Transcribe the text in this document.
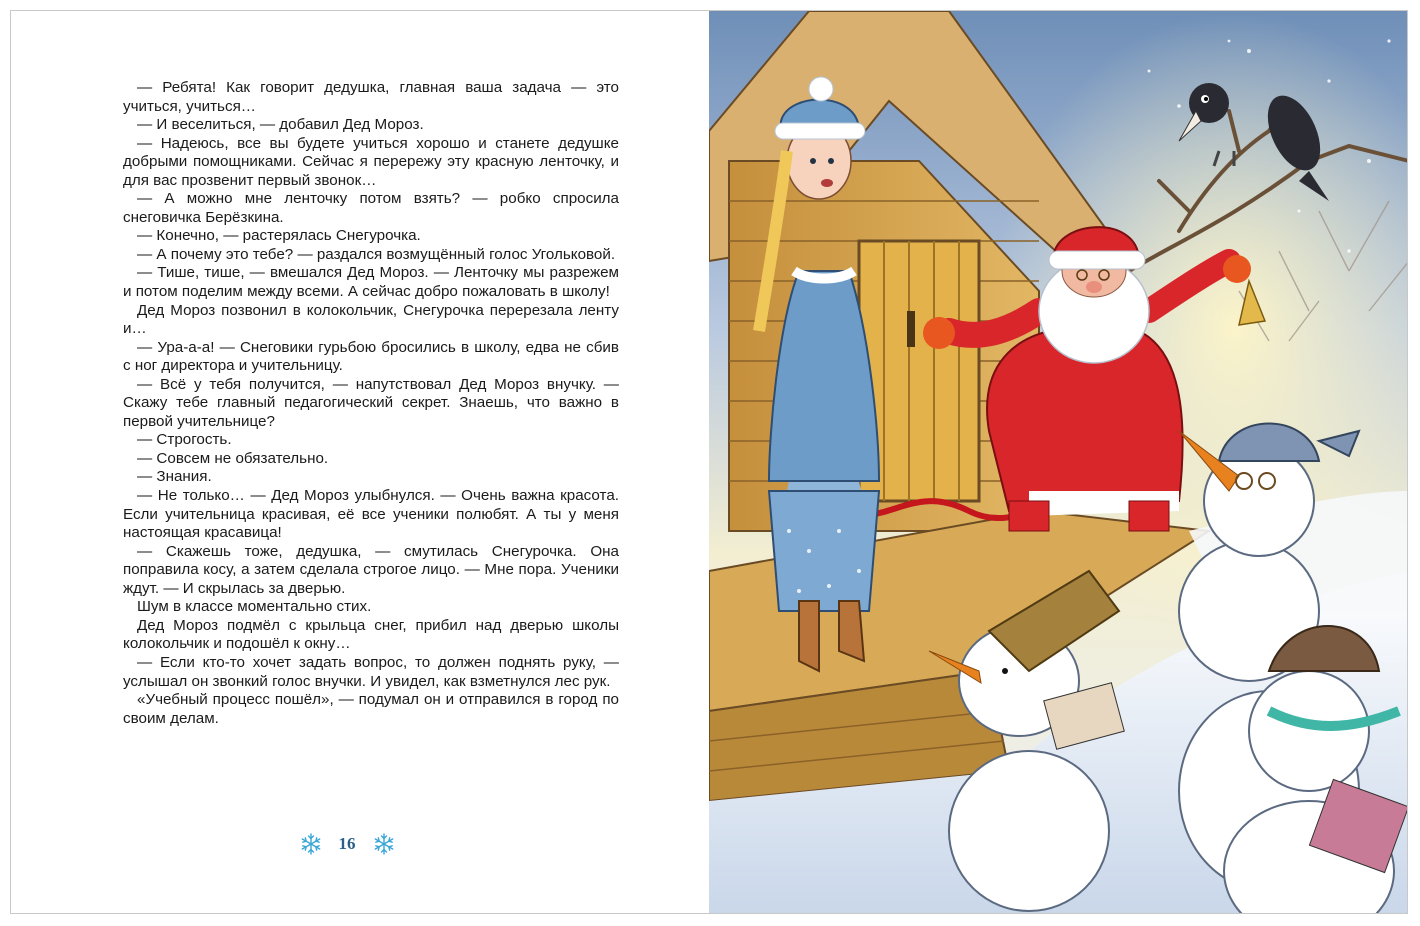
— Ребята! Как говорит дедушка, главная ваша задача — это учиться, учиться…

— И веселиться, — добавил Дед Мороз.

— Надеюсь, все вы будете учиться хорошо и станете дедушке добрыми помощниками. Сейчас я перережу эту красную ленточку, и для вас прозвенит первый звонок…

— А можно мне ленточку потом взять? — робко спросила снеговичка Берёзкина.

— Конечно, — растерялась Снегурочка.

— А почему это тебе? — раздался возмущённый голос Угольковой.

— Тише, тише, — вмешался Дед Мороз. — Ленточку мы разрежем и потом поделим между всеми. А сейчас добро пожаловать в школу!

Дед Мороз позвонил в колокольчик, Снегурочка перерезала ленту и…

— Ура-а-а! — Снеговики гурьбою бросились в школу, едва не сбив с ног директора и учительницу.

— Всё у тебя получится, — напутствовал Дед Мороз внучку. — Скажу тебе главный педагогический секрет. Знаешь, что важно в первой учительнице?

— Строгость.

— Совсем не обязательно.

— Знания.

— Не только… — Дед Мороз улыбнулся. — Очень важна красота. Если учительница красивая, её все ученики полюбят. А ты у меня настоящая красавица!

— Скажешь тоже, дедушка, — смутилась Снегурочка. Она поправила косу, а затем сделала строгое лицо. — Мне пора. Ученики ждут. — И скрылась за дверью.

Шум в классе моментально стих.

Дед Мороз подмёл с крыльца снег, прибил над дверью школы колокольчик и подошёл к окну…

— Если кто-то хочет задать вопрос, то должен поднять руку, — услышал он звонкий голос внучки. И увидел, как взметнулся лес рук.

«Учебный процесс пошёл», — подумал он и отправился в город по своим делам.

16
